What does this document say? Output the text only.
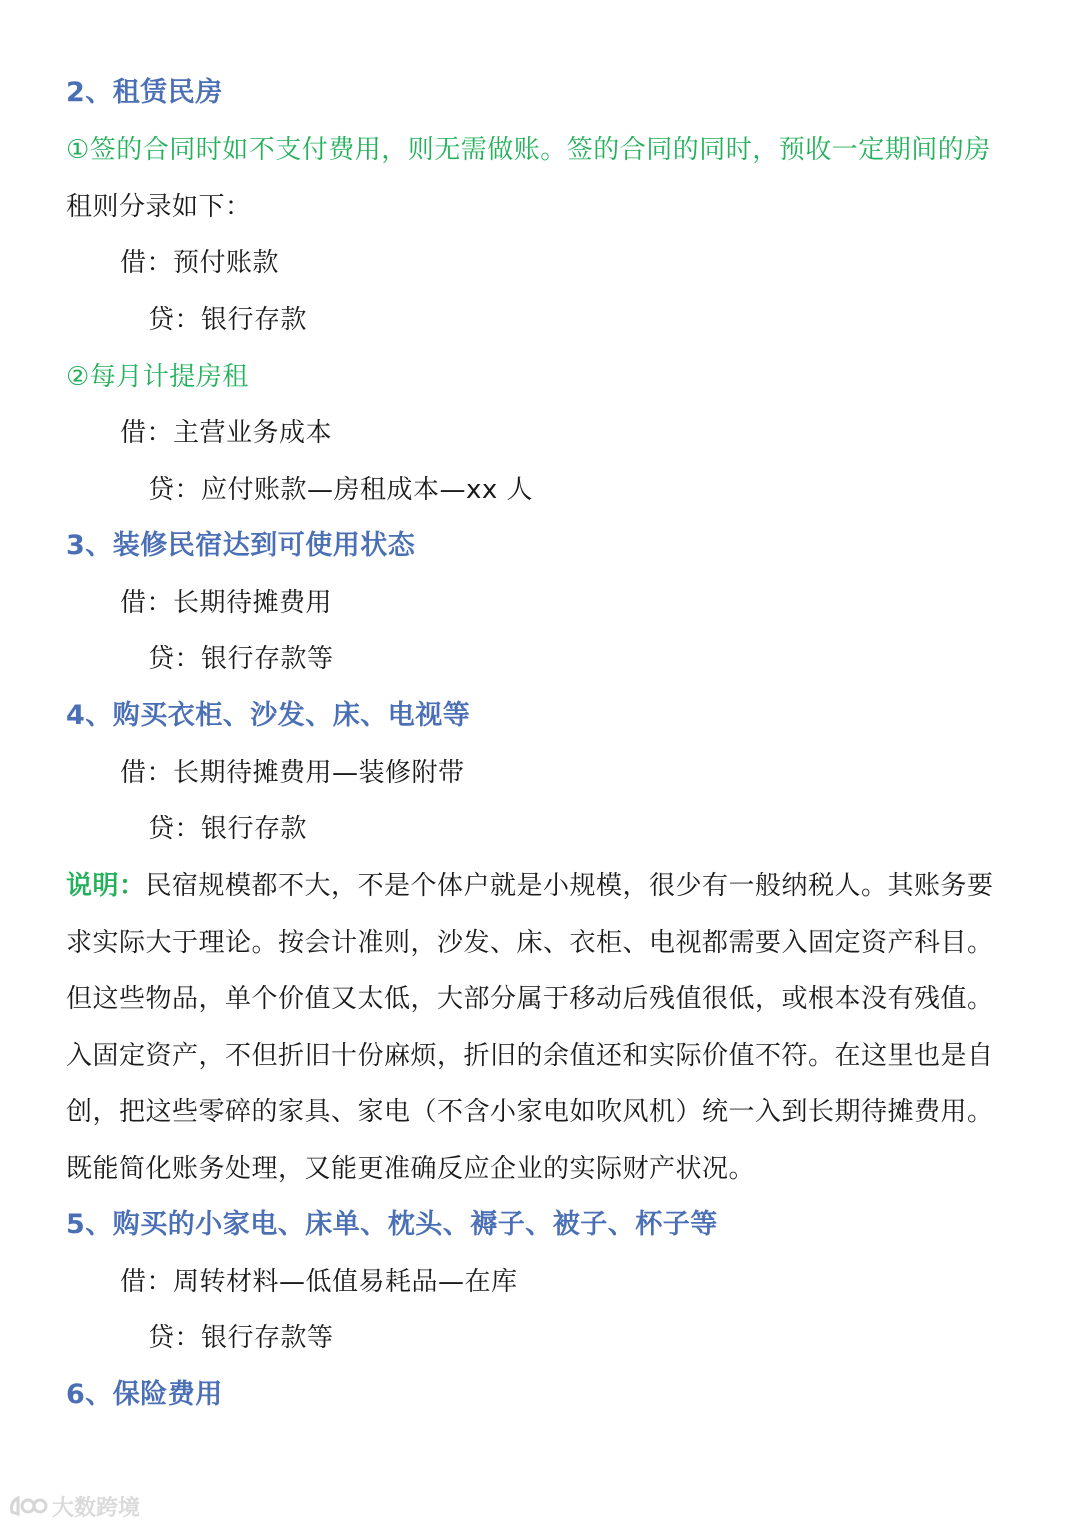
2、租赁民房
①签的合同时如不支付费用，则无需做账。签的合同的同时，预收一定期间的房
租则分录如下：
借：预付账款
贷：银行存款
②每月计提房租
借：主营业务成本
贷：应付账款—房租成本—xx 人
3、装修民宿达到可使用状态
借：长期待摊费用
贷：银行存款等
4、购买衣柜、沙发、床、电视等
借：长期待摊费用—装修附带
贷：银行存款
说明：民宿规模都不大，不是个体户就是小规模，很少有一般纳税人。其账务要
求实际大于理论。按会计准则，沙发、床、衣柜、电视都需要入固定资产科目。
但这些物品，单个价值又太低，大部分属于移动后残值很低，或根本没有残值。
入固定资产，不但折旧十份麻烦，折旧的余值还和实际价值不符。在这里也是自
创，把这些零碎的家具、家电（不含小家电如吹风机）统一入到长期待摊费用。
既能简化账务处理，又能更准确反应企业的实际财产状况。
5、购买的小家电、床单、枕头、褥子、被子、杯子等
借：周转材料—低值易耗品—在库
贷：银行存款等
6、保险费用
大数跨境
